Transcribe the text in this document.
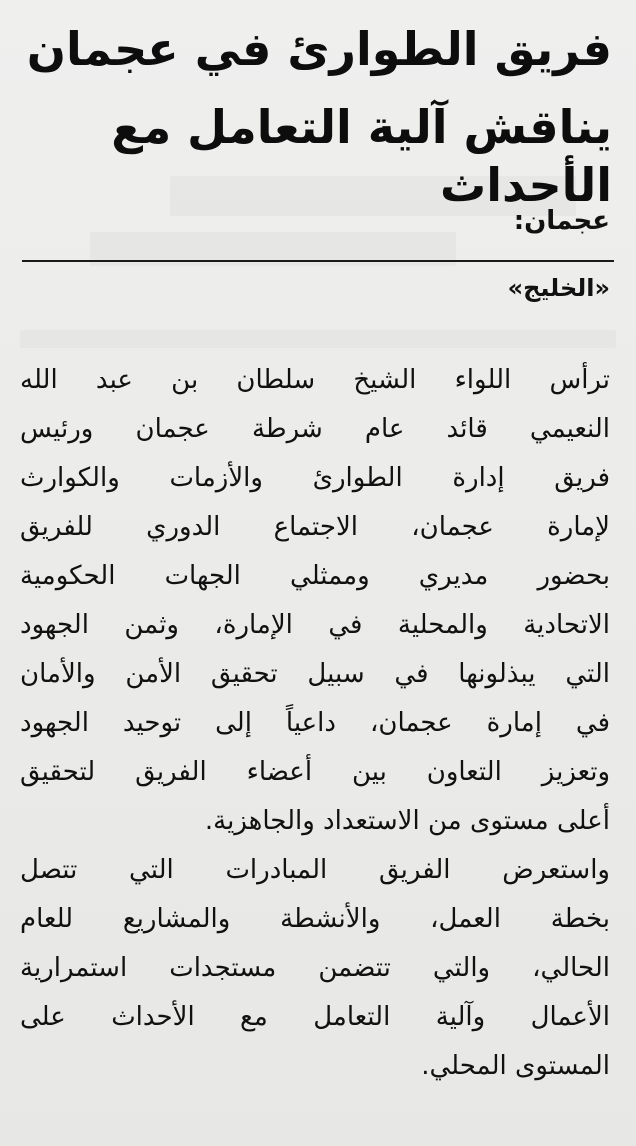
فريق الطوارئ في عجمان
يناقش آلية التعامل مع الأحداث
عجمان:
«الخليج»
ترأس اللواء الشيخ سلطان بن عبد الله
النعيمي قائد عام شرطة عجمان ورئيس
فريق إدارة الطوارئ والأزمات والكوارث
لإمارة عجمان، الاجتماع الدوري للفريق
بحضور مديري وممثلي الجهات الحكومية
الاتحادية والمحلية في الإمارة، وثمن الجهود
التي يبذلونها في سبيل تحقيق الأمن والأمان
في إمارة عجمان، داعياً إلى توحيد الجهود
وتعزيز التعاون بين أعضاء الفريق لتحقيق
أعلى مستوى من الاستعداد والجاهزية.
واستعرض الفريق المبادرات التي تتصل
بخطة العمل، والأنشطة والمشاريع للعام
الحالي، والتي تتضمن مستجدات استمرارية
الأعمال وآلية التعامل مع الأحداث على
المستوى المحلي.
